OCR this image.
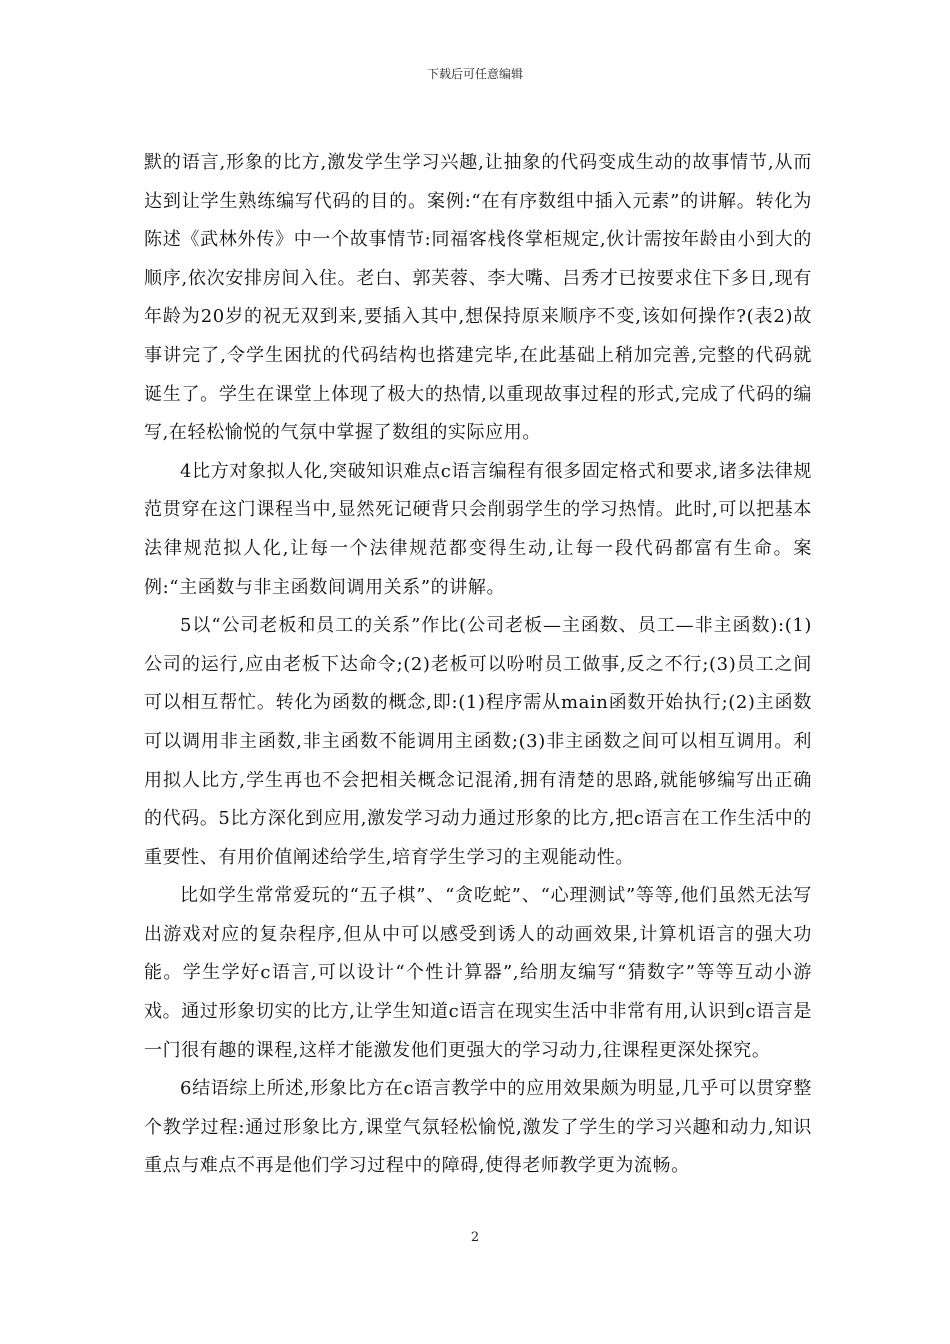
下载后可任意编辑

默的语言,形象的比方,激发学生学习兴趣,让抽象的代码变成生动的故事情节,从而达到让学生熟练编写代码的目的。案例:“在有序数组中插入元素”的讲解。转化为陈述《武林外传》中一个故事情节:同福客栈佟掌柜规定,伙计需按年龄由小到大的顺序,依次安排房间入住。老白、郭芙蓉、李大嘴、吕秀才已按要求住下多日,现有年龄为20岁的祝无双到来,要插入其中,想保持原来顺序不变,该如何操作?(表2)故事讲完了,令学生困扰的代码结构也搭建完毕,在此基础上稍加完善,完整的代码就诞生了。学生在课堂上体现了极大的热情,以重现故事过程的形式,完成了代码的编写,在轻松愉悦的气氛中掌握了数组的实际应用。

4比方对象拟人化,突破知识难点c语言编程有很多固定格式和要求,诸多法律规范贯穿在这门课程当中,显然死记硬背只会削弱学生的学习热情。此时,可以把基本法律规范拟人化,让每一个法律规范都变得生动,让每一段代码都富有生命。案例:“主函数与非主函数间调用关系”的讲解。

5以“公司老板和员工的关系”作比(公司老板—主函数、员工—非主函数):(1)公司的运行,应由老板下达命令;(2)老板可以吩咐员工做事,反之不行;(3)员工之间可以相互帮忙。转化为函数的概念,即:(1)程序需从main函数开始执行;(2)主函数可以调用非主函数,非主函数不能调用主函数;(3)非主函数之间可以相互调用。利用拟人比方,学生再也不会把相关概念记混淆,拥有清楚的思路,就能够编写出正确的代码。5比方深化到应用,激发学习动力通过形象的比方,把c语言在工作生活中的重要性、有用价值阐述给学生,培育学生学习的主观能动性。

比如学生常常爱玩的“五子棋”、“贪吃蛇”、“心理测试”等等,他们虽然无法写出游戏对应的复杂程序,但从中可以感受到诱人的动画效果,计算机语言的强大功能。学生学好c语言,可以设计“个性计算器”,给朋友编写“猜数字”等等互动小游戏。通过形象切实的比方,让学生知道c语言在现实生活中非常有用,认识到c语言是一门很有趣的课程,这样才能激发他们更强大的学习动力,往课程更深处探究。

6结语综上所述,形象比方在c语言教学中的应用效果颇为明显,几乎可以贯穿整个教学过程:通过形象比方,课堂气氛轻松愉悦,激发了学生的学习兴趣和动力,知识重点与难点不再是他们学习过程中的障碍,使得老师教学更为流畅。

2
